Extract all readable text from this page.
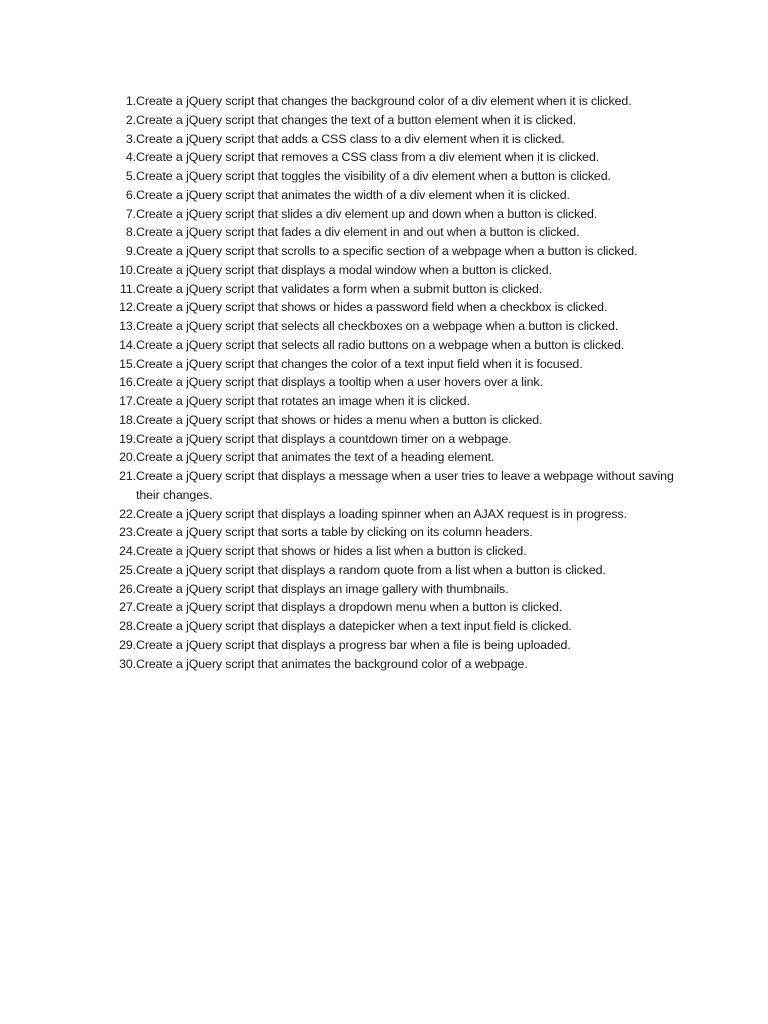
1. Create a jQuery script that changes the background color of a div element when it is clicked.
2. Create a jQuery script that changes the text of a button element when it is clicked.
3. Create a jQuery script that adds a CSS class to a div element when it is clicked.
4. Create a jQuery script that removes a CSS class from a div element when it is clicked.
5. Create a jQuery script that toggles the visibility of a div element when a button is clicked.
6. Create a jQuery script that animates the width of a div element when it is clicked.
7. Create a jQuery script that slides a div element up and down when a button is clicked.
8. Create a jQuery script that fades a div element in and out when a button is clicked.
9. Create a jQuery script that scrolls to a specific section of a webpage when a button is clicked.
10. Create a jQuery script that displays a modal window when a button is clicked.
11. Create a jQuery script that validates a form when a submit button is clicked.
12. Create a jQuery script that shows or hides a password field when a checkbox is clicked.
13. Create a jQuery script that selects all checkboxes on a webpage when a button is clicked.
14. Create a jQuery script that selects all radio buttons on a webpage when a button is clicked.
15. Create a jQuery script that changes the color of a text input field when it is focused.
16. Create a jQuery script that displays a tooltip when a user hovers over a link.
17. Create a jQuery script that rotates an image when it is clicked.
18. Create a jQuery script that shows or hides a menu when a button is clicked.
19. Create a jQuery script that displays a countdown timer on a webpage.
20. Create a jQuery script that animates the text of a heading element.
21. Create a jQuery script that displays a message when a user tries to leave a webpage without saving their changes.
22. Create a jQuery script that displays a loading spinner when an AJAX request is in progress.
23. Create a jQuery script that sorts a table by clicking on its column headers.
24. Create a jQuery script that shows or hides a list when a button is clicked.
25. Create a jQuery script that displays a random quote from a list when a button is clicked.
26. Create a jQuery script that displays an image gallery with thumbnails.
27. Create a jQuery script that displays a dropdown menu when a button is clicked.
28. Create a jQuery script that displays a datepicker when a text input field is clicked.
29. Create a jQuery script that displays a progress bar when a file is being uploaded.
30. Create a jQuery script that animates the background color of a webpage.
